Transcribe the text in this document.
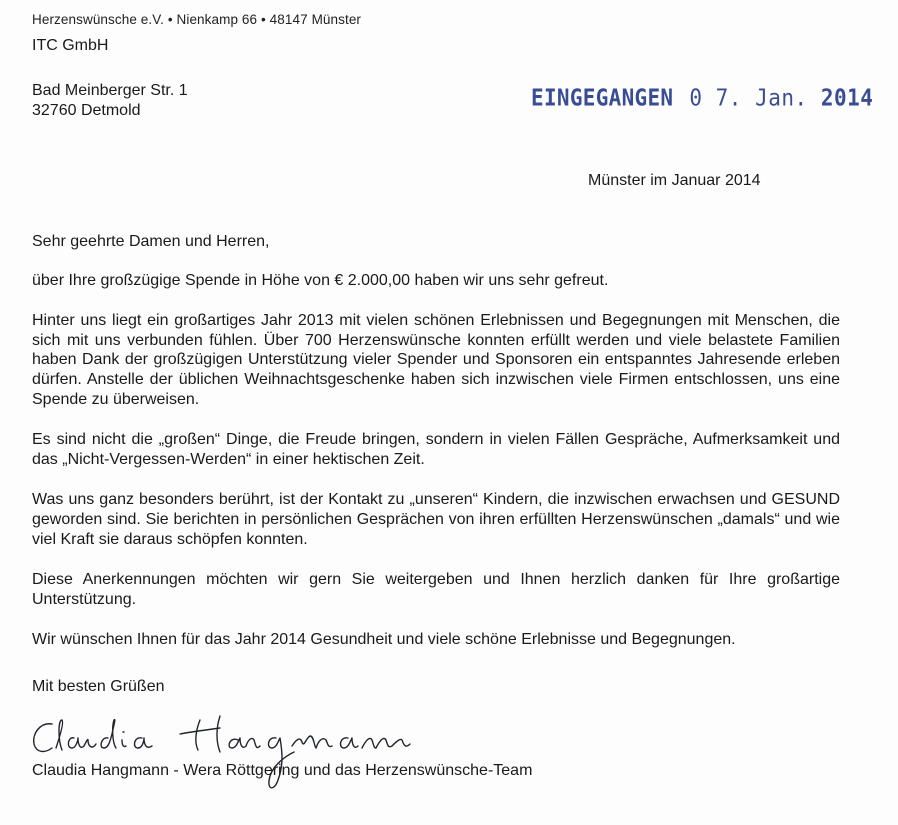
Herzenswünsche e.V. • Nienkamp 66 • 48147 Münster
ITC GmbH
Bad Meinberger Str. 1
32760 Detmold	EINGEGANGEN 0 7. Jan. 2014
Münster im Januar 2014

Sehr geehrte Damen und Herren,

über Ihre großzügige Spende in Höhe von € 2.000,00 haben wir uns sehr gefreut.

Hinter uns liegt ein großartiges Jahr 2013 mit vielen schönen Erlebnissen und Begegnungen mit Menschen, die sich mit uns verbunden fühlen. Über 700 Herzenswünsche konnten erfüllt werden und viele belastete Familien haben Dank der großzügigen Unterstützung vieler Spender und Sponsoren ein entspanntes Jahresende erleben dürfen. Anstelle der üblichen Weihnachtsgeschenke haben sich inzwischen viele Firmen entschlossen, uns eine Spende zu überweisen.

Es sind nicht die „großen“ Dinge, die Freude bringen, sondern in vielen Fällen Gespräche, Aufmerksamkeit und das „Nicht-Vergessen-Werden“ in einer hektischen Zeit.

Was uns ganz besonders berührt, ist der Kontakt zu „unseren“ Kindern, die inzwischen erwachsen und GESUND geworden sind. Sie berichten in persönlichen Gesprächen von ihren erfüllten Herzenswünschen „damals“ und wie viel Kraft sie daraus schöpfen konnten.

Diese Anerkennungen möchten wir gern Sie weitergeben und Ihnen herzlich danken für Ihre großartige Unterstützung.

Wir wünschen Ihnen für das Jahr 2014 Gesundheit und viele schöne Erlebnisse und Begegnungen.

Mit besten Grüßen
Claudia Hangmann - Wera Röttgering und das Herzenswünsche-Team
